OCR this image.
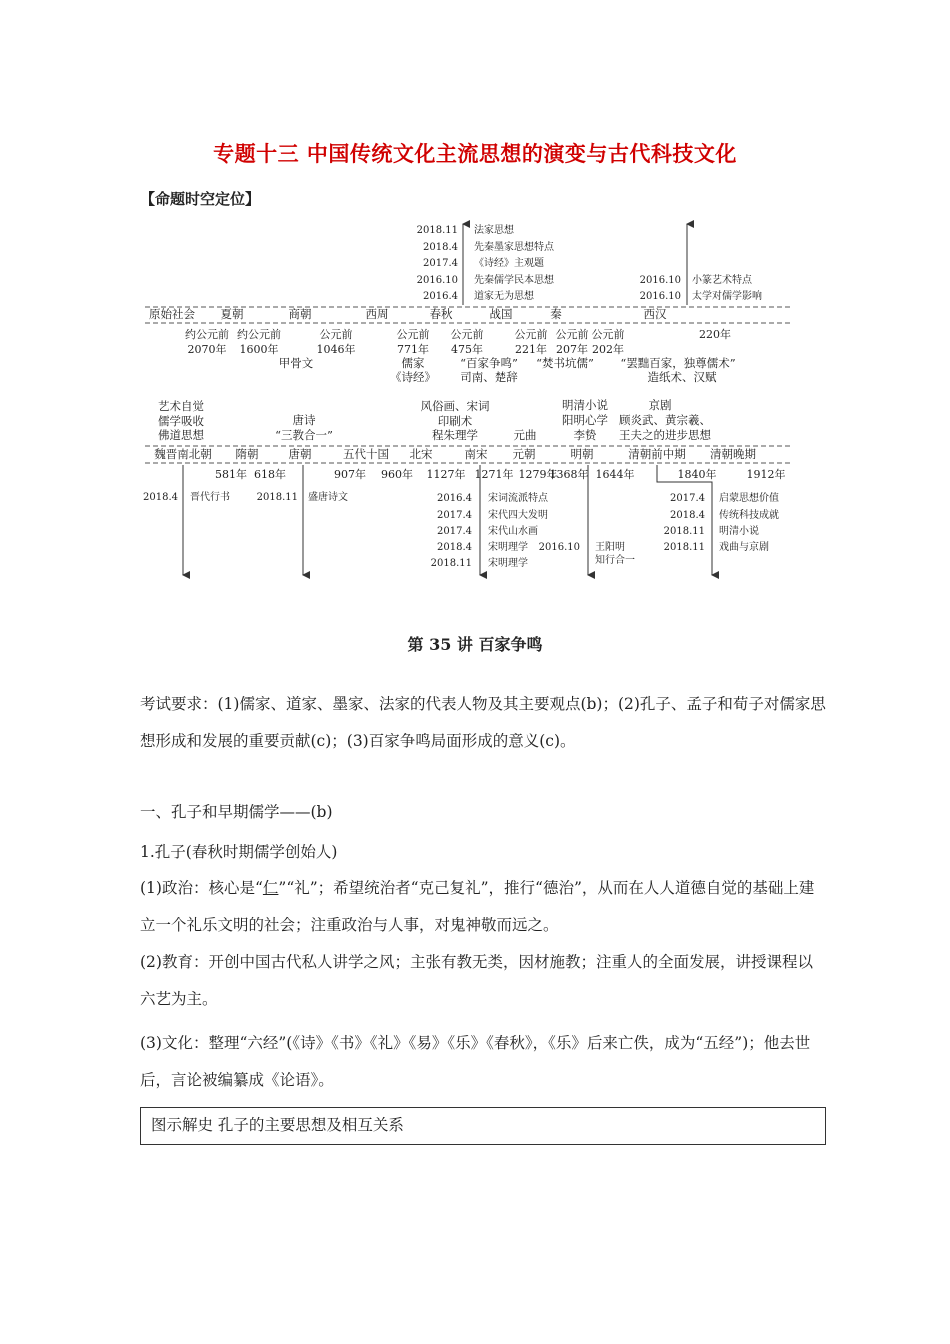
专题十三 中国传统文化主流思想的演变与古代科技文化
【命题时空定位】
2018.11 法家思想
2018.4 先秦墨家思想特点
2017.4 《诗经》主观题
2016.10 先秦儒学民本思想
2016.4 道家无为思想
2016.10 小篆艺术特点
2016.10 太学对儒学影响
原始社会 夏朝	商朝	西周	春秋	战国	秦	西汉
约公元前
2070年
约公元前
1600年
公元前
1046年
公元前
771年
公元前
475年
公元前
221年
公元前
207年
公元前
202年
220年
甲骨文	儒家
《诗经》
“百家争鸣”
司南、楚辞
“焚书坑儒” “罢黜百家，独尊儒术”
造纸术、汉赋
艺术自觉
儒学吸收
佛道思想
唐诗
“三教合一”
风俗画、宋词
印刷术
程朱理学	元曲
明清小说
阳明心学
李贽
京剧
顾炎武、黄宗羲、
王夫之的进步思想
魏晋南北朝 隋朝	唐朝	五代十国 北宋	南宋 元朝	明朝	清朝前中期 清朝晚期
581年 618年	907年 960年 1127年 1271年 1279年
1368年 1644年	1840年	1912年
2018.4 晋代行书	2018.11 盛唐诗文	2016.4 宋词流派特点
2017.4 宋代四大发明
2017.4 宋代山水画
2018.4 宋明理学
2018.11 宋明理学
2016.10 王阳明
知行合一
2017.4 启蒙思想价值
2018.4 传统科技成就
2018.11 明清小说
2018.11 戏曲与京剧
第 35 讲 百家争鸣
考试要求：(1)儒家、道家、墨家、法家的代表人物及其主要观点(b)；(2)孔子、孟子和荀子对儒家思想形成和发展的重要贡献(c)；(3)百家争鸣局面形成的意义(c)。
一、孔子和早期儒学——(b)
1.孔子(春秋时期儒学创始人)
(1)政治：核心是“仁”“礼”；希望统治者“克己复礼”，推行“德治”，从而在人人道德自觉的基础上建立一个礼乐文明的社会；注重政治与人事，对鬼神敬而远之。
(2)教育：开创中国古代私人讲学之风；主张有教无类，因材施教；注重人的全面发展，讲授课程以六艺为主。
(3)文化：整理“六经”(《诗》《书》《礼》《易》《乐》《春秋》，《乐》后来亡佚，成为“五经”)；他去世后，言论被编纂成《论语》。
图示解史 孔子的主要思想及相互关系
